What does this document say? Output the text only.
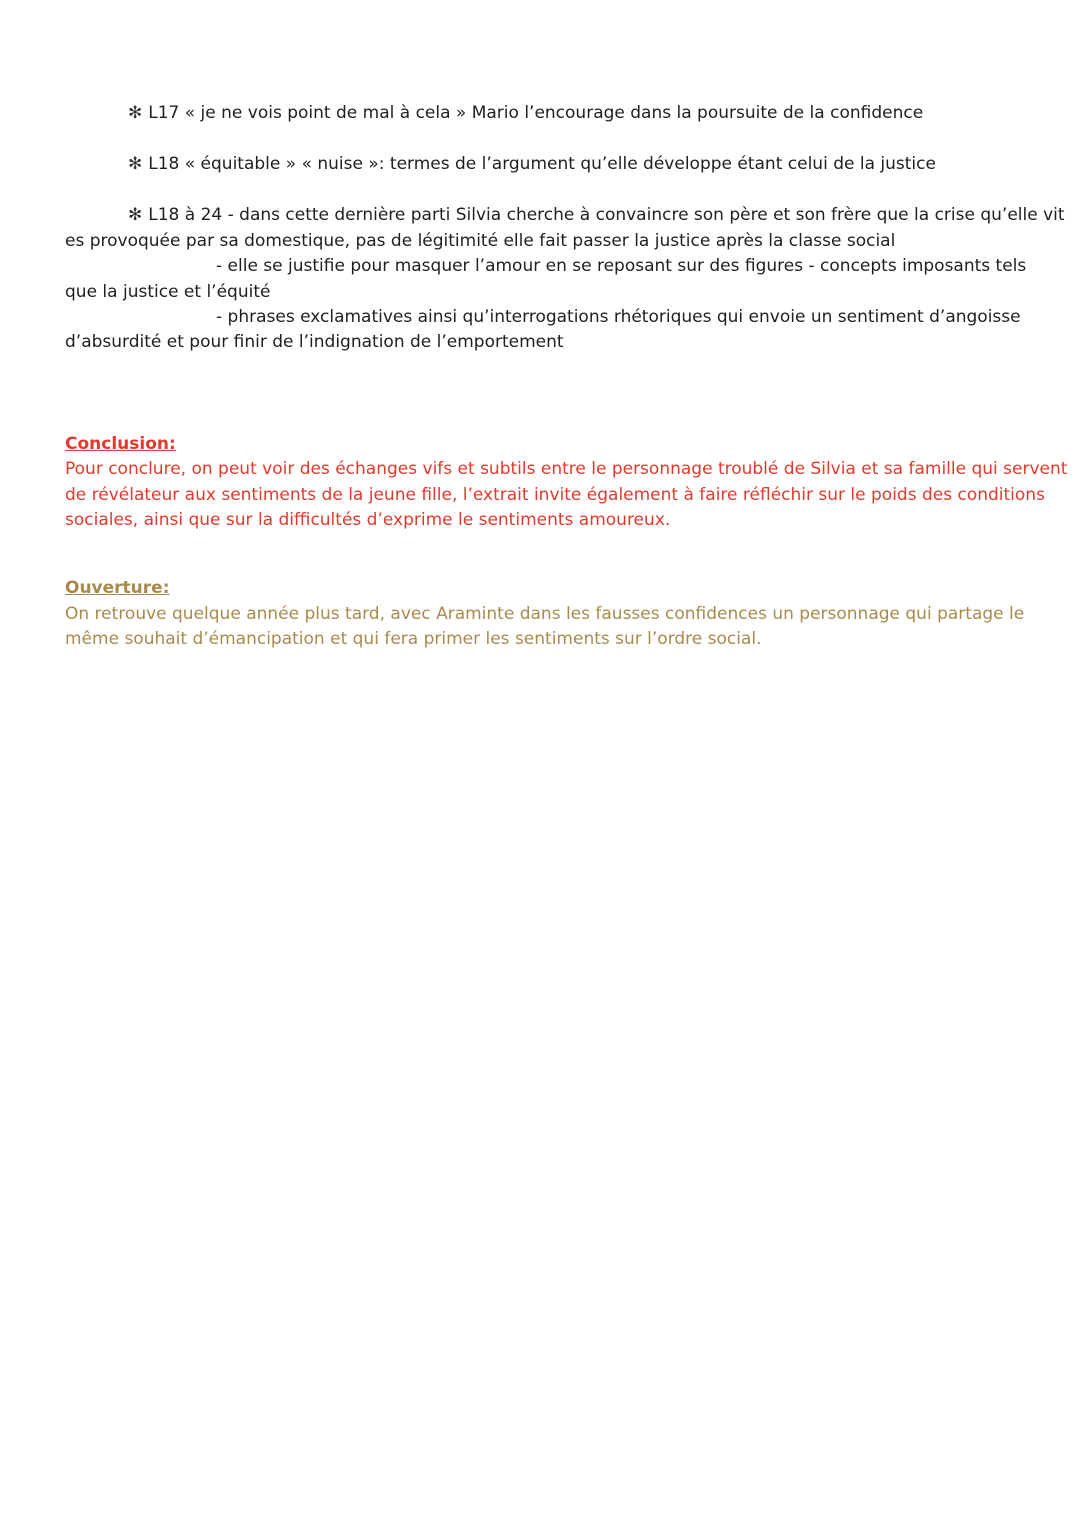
✻ L17 « je ne vois point de mal à cela » Mario l’encourage dans la poursuite de la confidence
✻ L18 « équitable » « nuise »: termes de l’argument qu’elle développe étant celui de la justice
✻ L18 à 24 - dans cette dernière parti Silvia cherche à convaincre son père et son frère que la crise qu’elle vit
es provoquée par sa domestique, pas de légitimité elle fait passer la justice après la classe social
- elle se justifie pour masquer l’amour en se reposant sur des figures - concepts imposants tels
que la justice et l’équité
- phrases exclamatives ainsi qu’interrogations rhétoriques qui envoie un sentiment d’angoisse
d’absurdité et pour finir de l’indignation de l’emportement
Conclusion:
Pour conclure, on peut voir des échanges vifs et subtils entre le personnage troublé de Silvia et sa famille qui servent
de révélateur aux sentiments de la jeune fille, l’extrait invite également à faire réfléchir sur le poids des conditions
sociales, ainsi que sur la difficultés d’exprime le sentiments amoureux.
Ouverture:
On retrouve quelque année plus tard, avec Araminte dans les fausses confidences un personnage qui partage le
même souhait d’émancipation et qui fera primer les sentiments sur l’ordre social.
